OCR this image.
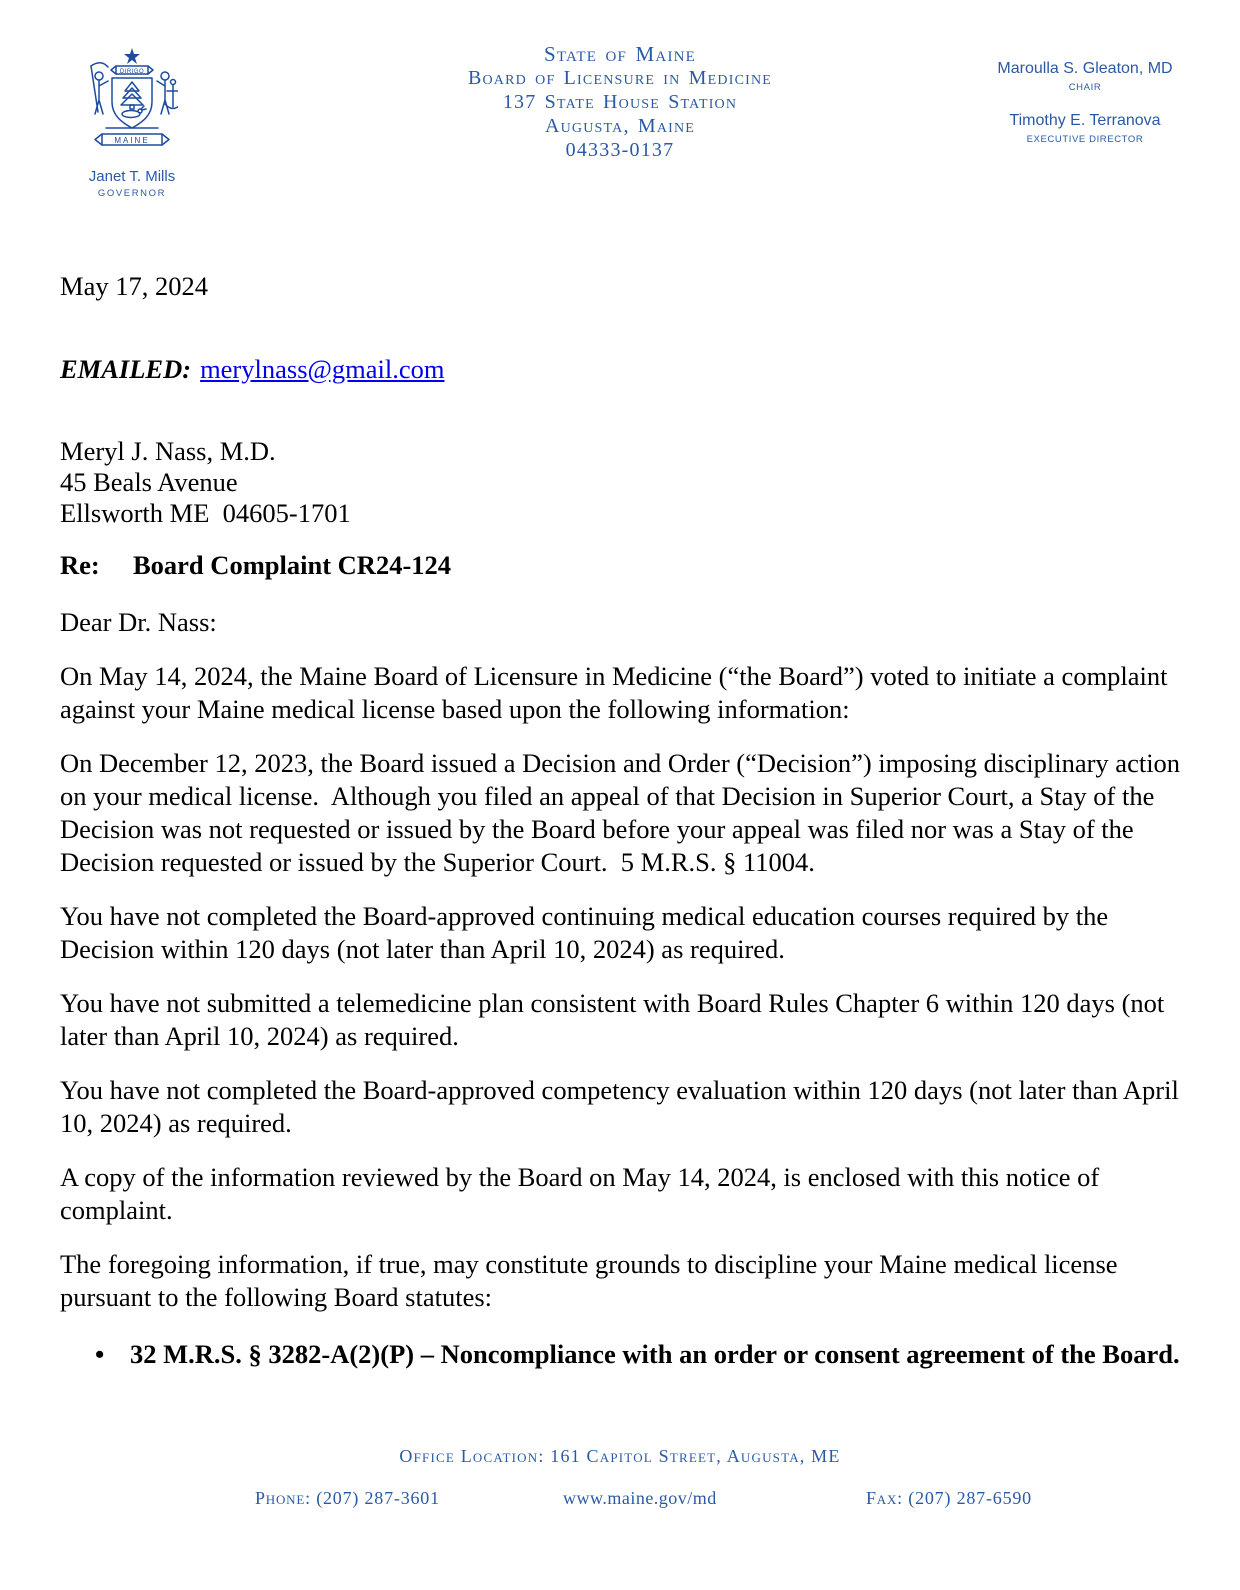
DIRIGO
MAINE
Janet T. Mills
GOVERNOR
State of Maine
Board of Licensure in Medicine
137 State House Station
Augusta, Maine
04333-0137
Maroulla S. Gleaton, MD
CHAIR
Timothy E. Terranova
EXECUTIVE DIRECTOR
May 17, 2024
EMAILED: merylnass@gmail.com
Meryl J. Nass, M.D.
45 Beals Avenue
Ellsworth ME  04605-1701
Re:	Board Complaint CR24-124
Dear Dr. Nass:
On May 14, 2024, the Maine Board of Licensure in Medicine (“the Board”) voted to initiate a complaint against your Maine medical license based upon the following information:
On December 12, 2023, the Board issued a Decision and Order (“Decision”) imposing disciplinary action on your medical license.  Although you filed an appeal of that Decision in Superior Court, a Stay of the Decision was not requested or issued by the Board before your appeal was filed nor was a Stay of the Decision requested or issued by the Superior Court.  5 M.R.S. § 11004.
You have not completed the Board-approved continuing medical education courses required by the Decision within 120 days (not later than April 10, 2024) as required.
You have not submitted a telemedicine plan consistent with Board Rules Chapter 6 within 120 days (not later than April 10, 2024) as required.
You have not completed the Board-approved competency evaluation within 120 days (not later than April 10, 2024) as required.
A copy of the information reviewed by the Board on May 14, 2024, is enclosed with this notice of complaint.
The foregoing information, if true, may constitute grounds to discipline your Maine medical license pursuant to the following Board statutes:
• 32 M.R.S. § 3282-A(2)(P) – Noncompliance with an order or consent agreement of the Board.
Office Location: 161 Capitol Street, Augusta, ME
Phone: (207) 287-3601	www.maine.gov/md	Fax: (207) 287-6590
